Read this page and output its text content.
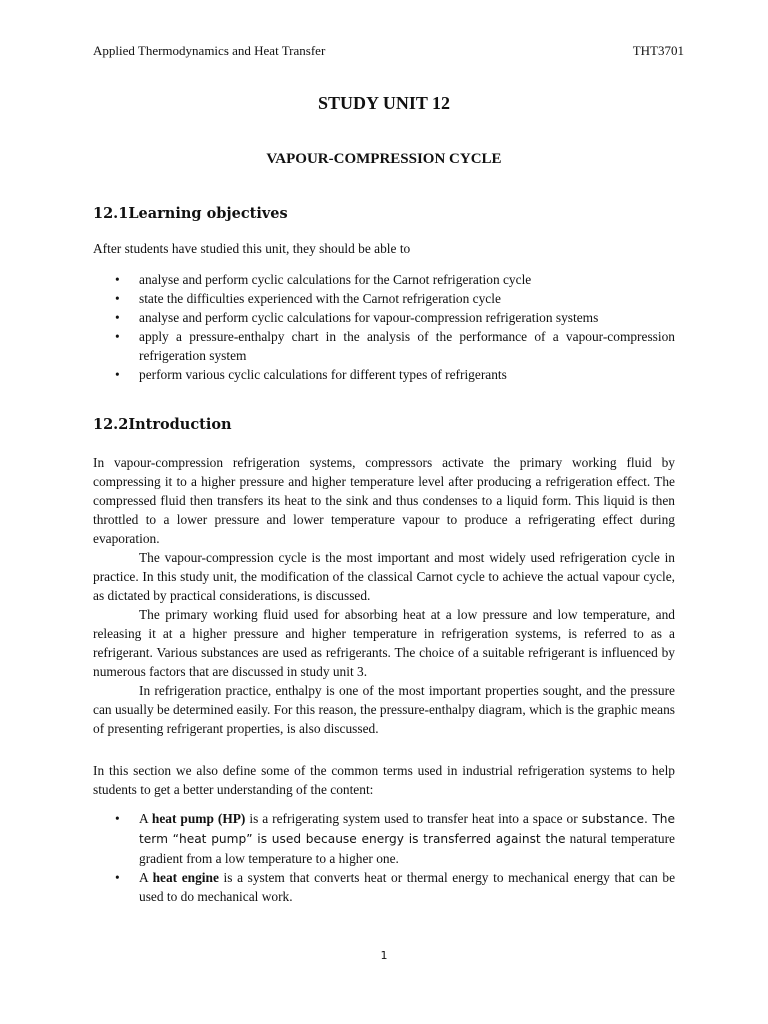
Applied Thermodynamics and Heat Transfer	THT3701
STUDY UNIT 12
VAPOUR-COMPRESSION CYCLE
12.1Learning objectives

After students have studied this unit, they should be able to

• analyse and perform cyclic calculations for the Carnot refrigeration cycle
• state the difficulties experienced with the Carnot refrigeration cycle
• analyse and perform cyclic calculations for vapour-compression refrigeration systems
• apply a pressure-enthalpy chart in the analysis of the performance of a vapour-compression refrigeration system
• perform various cyclic calculations for different types of refrigerants
12.2Introduction

In vapour-compression refrigeration systems, compressors activate the primary working fluid by compressing it to a higher pressure and higher temperature level after producing a refrigeration effect. The compressed fluid then transfers its heat to the sink and thus condenses to a liquid form. This liquid is then throttled to a lower pressure and lower temperature vapour to produce a refrigerating effect during evaporation.

The vapour-compression cycle is the most important and most widely used refrigeration cycle in practice. In this study unit, the modification of the classical Carnot cycle to achieve the actual vapour cycle, as dictated by practical considerations, is discussed.

The primary working fluid used for absorbing heat at a low pressure and low temperature, and releasing it at a higher pressure and higher temperature in refrigeration systems, is referred to as a refrigerant. Various substances are used as refrigerants. The choice of a suitable refrigerant is influenced by numerous factors that are discussed in study unit 3.

In refrigeration practice, enthalpy is one of the most important properties sought, and the pressure can usually be determined easily. For this reason, the pressure-enthalpy diagram, which is the graphic means of presenting refrigerant properties, is also discussed.

In this section we also define some of the common terms used in industrial refrigeration systems to help students to get a better understanding of the content:

• A heat pump (HP) is a refrigerating system used to transfer heat into a space or substance. The term “heat pump” is used because energy is transferred against the natural temperature gradient from a low temperature to a higher one.
• A heat engine is a system that converts heat or thermal energy to mechanical energy that can be used to do mechanical work.
1
